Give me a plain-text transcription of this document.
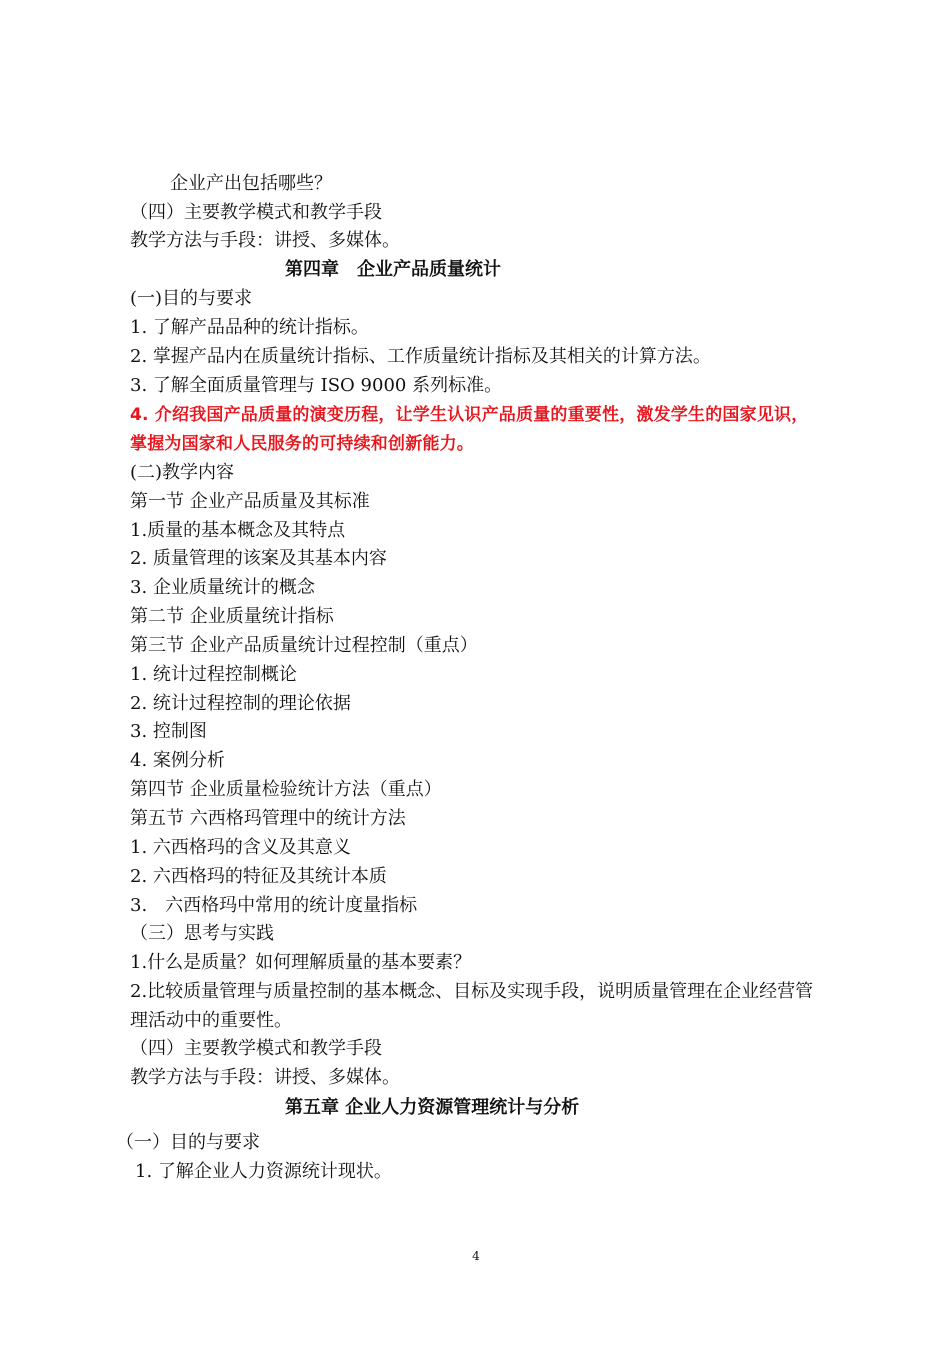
企业产出包括哪些？
（四）主要教学模式和教学手段
教学方法与手段：讲授、多媒体。
第四章　企业产品质量统计
(一)目的与要求
1. 了解产品品种的统计指标。
2. 掌握产品内在质量统计指标、工作质量统计指标及其相关的计算方法。
3. 了解全面质量管理与 ISO 9000 系列标准。
4. 介绍我国产品质量的演变历程，让学生认识产品质量的重要性，激发学生的国家见识，
掌握为国家和人民服务的可持续和创新能力。
(二)教学内容
第一节 企业产品质量及其标准
1.质量的基本概念及其特点
2. 质量管理的该案及其基本内容
3. 企业质量统计的概念
第二节 企业质量统计指标
第三节 企业产品质量统计过程控制（重点）
1. 统计过程控制概论
2. 统计过程控制的理论依据
3. 控制图
4. 案例分析
第四节 企业质量检验统计方法（重点）
第五节 六西格玛管理中的统计方法
1. 六西格玛的含义及其意义
2. 六西格玛的特征及其统计本质
3.　六西格玛中常用的统计度量指标
（三）思考与实践
1.什么是质量？如何理解质量的基本要素？
2.比较质量管理与质量控制的基本概念、目标及实现手段，说明质量管理在企业经营管
理活动中的重要性。
（四）主要教学模式和教学手段
教学方法与手段：讲授、多媒体。
第五章 企业人力资源管理统计与分析
（一）目的与要求
1. 了解企业人力资源统计现状。
4
